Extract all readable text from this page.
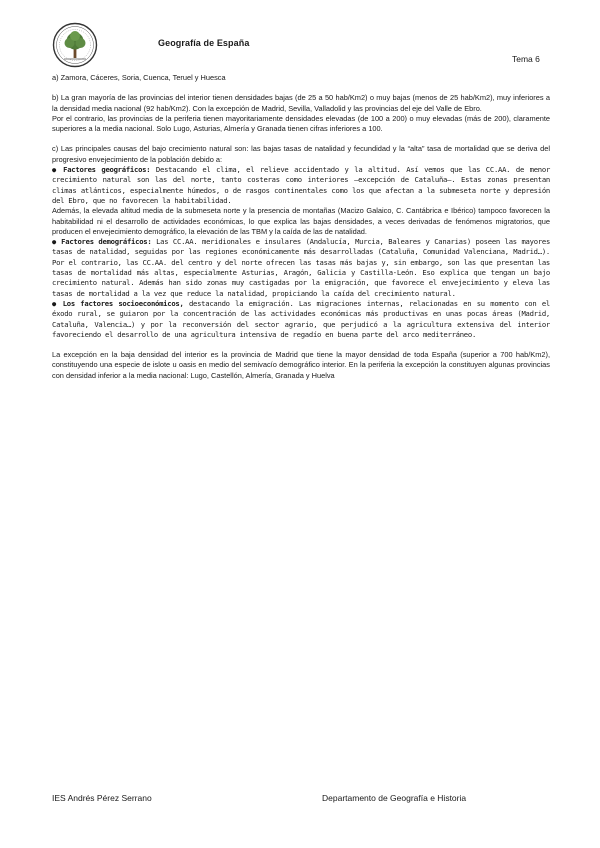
Geografía de España
Tema 6

a) Zamora, Cáceres, Soria, Cuenca, Teruel y Huesca

b) La gran mayoría de las provincias del interior tienen densidades bajas (de 25 a 50 hab/Km2) o muy bajas (menos de 25 hab/Km2), muy inferiores a la densidad media nacional (92 hab/Km2). Con la excepción de Madrid, Sevilla, Valladolid y las provincias del eje del Valle de Ebro.

Por el contrario, las provincias de la periferia tienen mayoritariamente densidades elevadas (de 100 a 200) o muy elevadas (más de 200), claramente superiores a la media nacional. Solo Lugo, Asturias, Almería y Granada tienen cifras inferiores a 100.

c) Las principales causas del bajo crecimiento natural son: las bajas tasas de natalidad y fecundidad y la “alta” tasa de mortalidad que se deriva del progresivo envejecimiento de la población debido a:

● Factores geográficos: Destacando el clima, el relieve accidentado y la altitud. Así vemos que las CC.AA. de menor crecimiento natural son las del norte, tanto costeras como interiores –excepción de Cataluña–. Estas zonas presentan climas atlánticos, especialmente húmedos, o de rasgos continentales como los que afectan a la submeseta norte y depresión del Ebro, que no favorecen la habitabilidad.

Además, la elevada altitud media de la submeseta norte y la presencia de montañas (Macizo Galaico, C. Cantábrica e Ibérico) tampoco favorecen la habitabilidad ni el desarrollo de actividades económicas, lo que explica las bajas densidades, a veces derivadas de fenómenos migratorios, que producen el envejecimiento demográfico, la elevación de las TBM y la caída de las de natalidad.

● Factores demográficos: Las CC.AA. meridionales e insulares (Andalucía, Murcia, Baleares y Canarias) poseen las mayores tasas de natalidad, seguidas por las regiones económicamente más desarrolladas (Cataluña, Comunidad Valenciana, Madrid…). Por el contrario, las CC.AA. del centro y del norte ofrecen las tasas más bajas y, sin embargo, son las que presentan las tasas de mortalidad más altas, especialmente Asturias, Aragón, Galicia y Castilla-León. Eso explica que tengan un bajo crecimiento natural. Además han sido zonas muy castigadas por la emigración, que favorece el envejecimiento y eleva las tasas de mortalidad a la vez que reduce la natalidad, propiciando la caída del crecimiento natural.

● Los factores socioeconómicos, destacando la emigración. Las migraciones internas, relacionadas en su momento con el éxodo rural, se guiaron por la concentración de las actividades económicas más productivas en unas pocas áreas (Madrid, Cataluña, Valencia…) y por la reconversión del sector agrario, que perjudicó a la agricultura extensiva del interior favoreciendo el desarrollo de una agricultura intensiva de regadío en buena parte del arco mediterráneo.

La excepción en la baja densidad del interior es la provincia de Madrid que tiene la mayor densidad de toda España (superior a 700 hab/Km2), constituyendo una especie de islote u oasis en medio del semivacío demográfico interior. En la periferia la excepción la constituyen algunas provincias con densidad inferior a la media nacional: Lugo, Castellón, Almería, Granada y Huelva

IES Andrés Pérez Serrano	Departamento de Geografía e Historia
